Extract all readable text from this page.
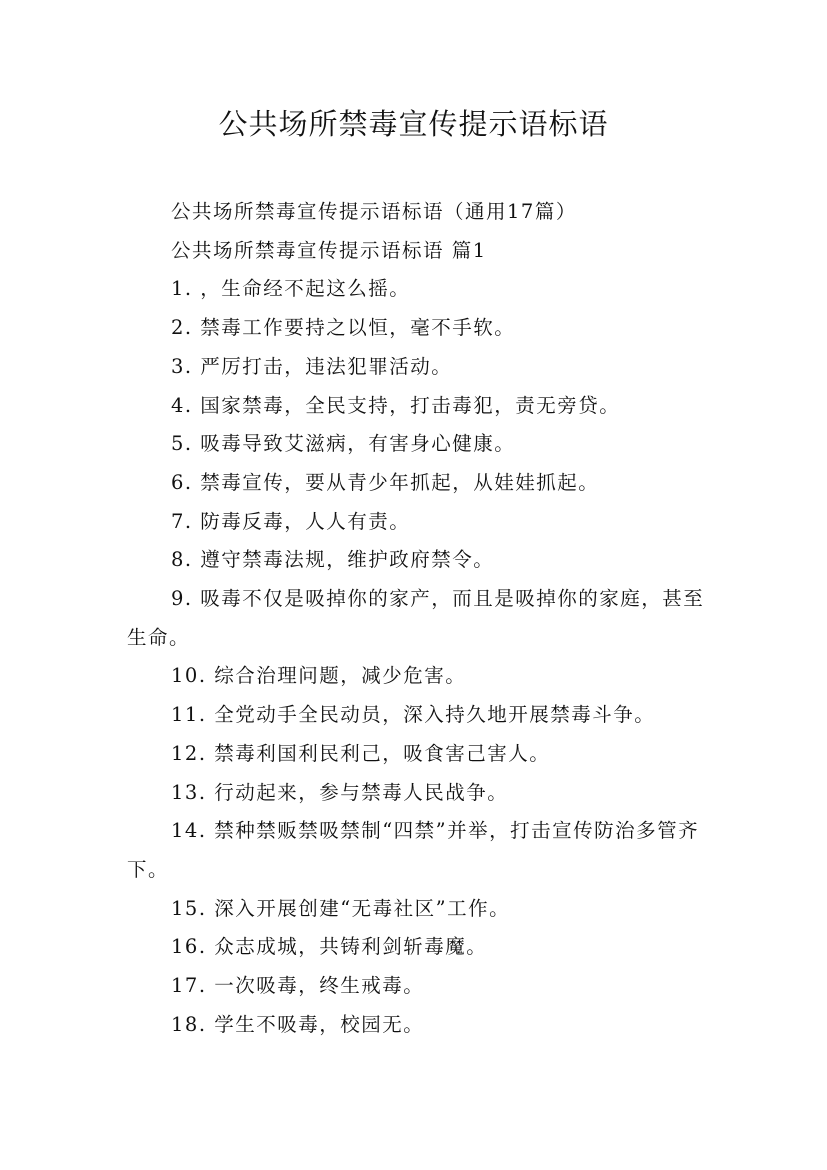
公共场所禁毒宣传提示语标语

公共场所禁毒宣传提示语标语（通用17篇）

公共场所禁毒宣传提示语标语 篇1

1. ，生命经不起这么摇。

2. 禁毒工作要持之以恒，毫不手软。

3. 严厉打击，违法犯罪活动。

4. 国家禁毒，全民支持，打击毒犯，责无旁贷。

5. 吸毒导致艾滋病，有害身心健康。

6. 禁毒宣传，要从青少年抓起，从娃娃抓起。

7. 防毒反毒，人人有责。

8. 遵守禁毒法规，维护政府禁令。

9. 吸毒不仅是吸掉你的家产，而且是吸掉你的家庭，甚至生命。

10. 综合治理问题，减少危害。

11. 全党动手全民动员，深入持久地开展禁毒斗争。

12. 禁毒利国利民利己，吸食害己害人。

13. 行动起来，参与禁毒人民战争。

14. 禁种禁贩禁吸禁制“四禁”并举，打击宣传防治多管齐下。

15. 深入开展创建“无毒社区”工作。

16. 众志成城，共铸利剑斩毒魔。

17. 一次吸毒，终生戒毒。

18. 学生不吸毒，校园无。
